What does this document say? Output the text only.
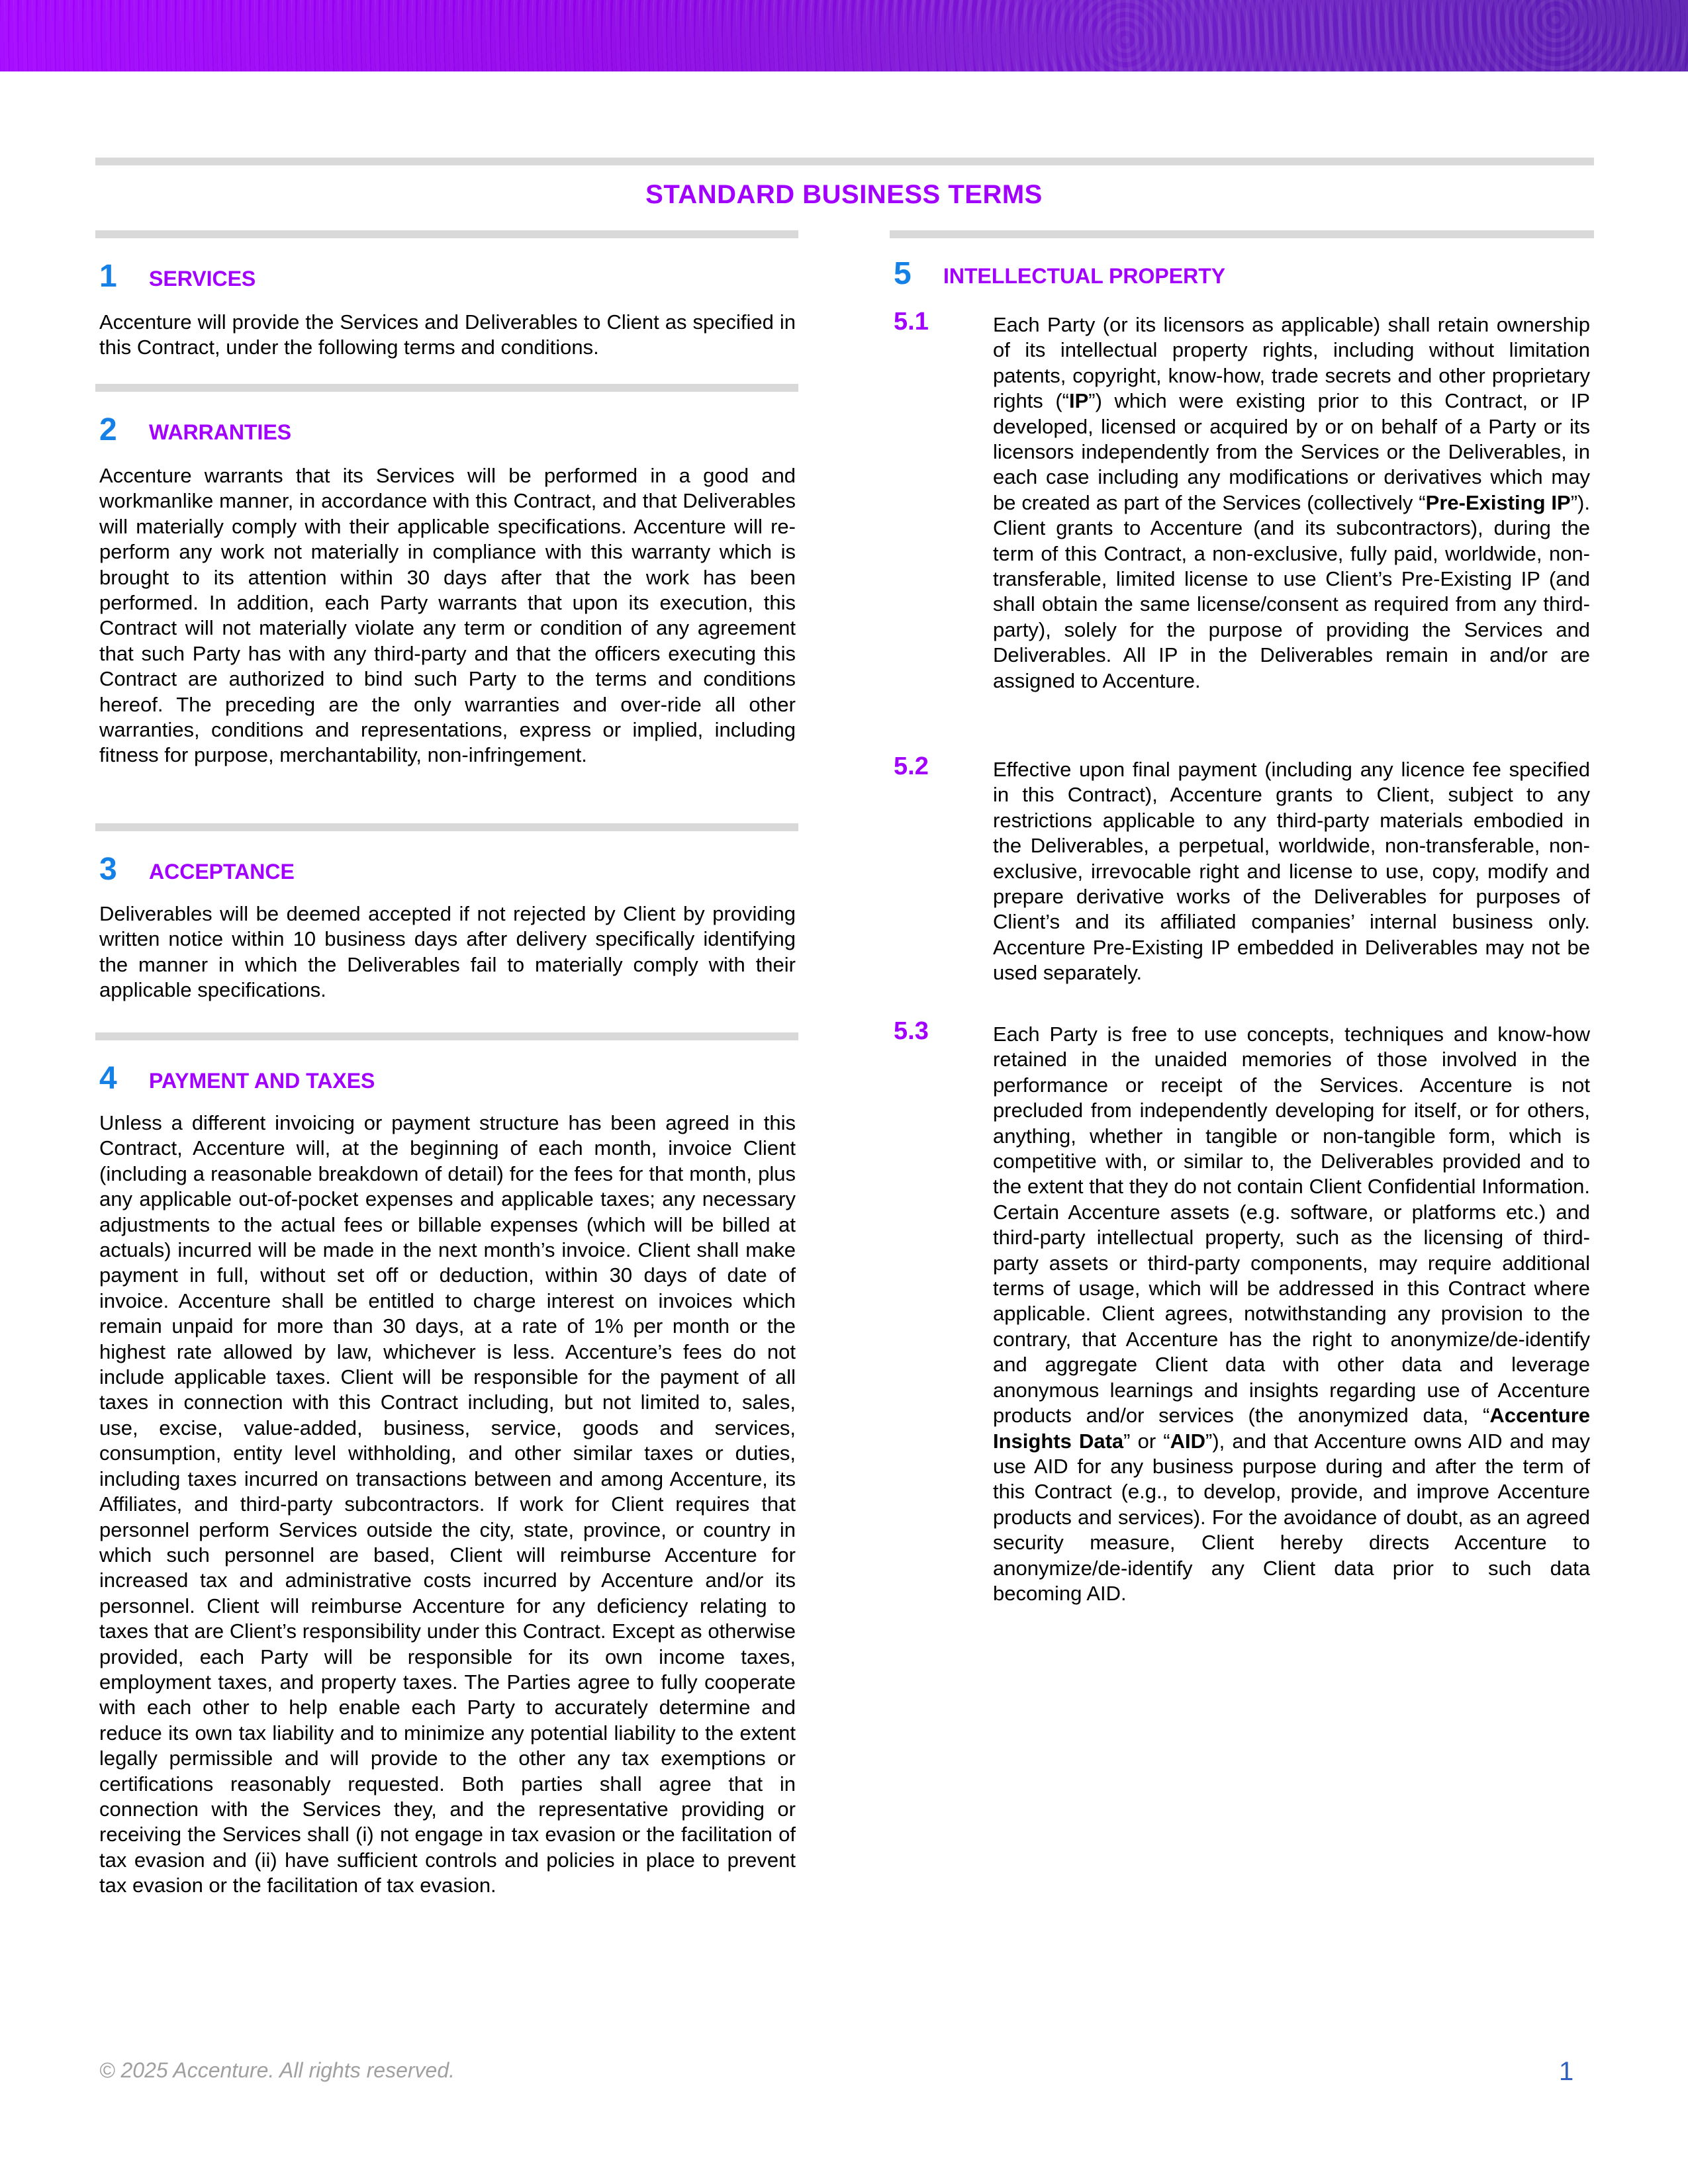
STANDARD BUSINESS TERMS
1 SERVICES

Accenture will provide the Services and Deliverables to Client as specified in this Contract, under the following terms and conditions.

2 WARRANTIES

Accenture warrants that its Services will be performed in a good and workmanlike manner, in accordance with this Contract, and that Deliverables will materially comply with their applicable specifications. Accenture will re-perform any work not materially in compliance with this warranty which is brought to its attention within 30 days after that the work has been performed. In addition, each Party warrants that upon its execution, this Contract will not materially violate any term or condition of any agreement that such Party has with any third-party and that the officers executing this Contract are authorized to bind such Party to the terms and conditions hereof. The preceding are the only warranties and over-ride all other warranties, conditions and representations, express or implied, including fitness for purpose, merchantability, non-infringement.

3 ACCEPTANCE

Deliverables will be deemed accepted if not rejected by Client by providing written notice within 10 business days after delivery specifically identifying the manner in which the Deliverables fail to materially comply with their applicable specifications.

4 PAYMENT AND TAXES

Unless a different invoicing or payment structure has been agreed in this Contract, Accenture will, at the beginning of each month, invoice Client (including a reasonable breakdown of detail) for the fees for that month, plus any applicable out-of-pocket expenses and applicable taxes; any necessary adjustments to the actual fees or billable expenses (which will be billed at actuals) incurred will be made in the next month’s invoice. Client shall make payment in full, without set off or deduction, within 30 days of date of invoice. Accenture shall be entitled to charge interest on invoices which remain unpaid for more than 30 days, at a rate of 1% per month or the highest rate allowed by law, whichever is less. Accenture’s fees do not include applicable taxes. Client will be responsible for the payment of all taxes in connection with this Contract including, but not limited to, sales, use, excise, value-added, business, service, goods and services, consumption, entity level withholding, and other similar taxes or duties, including taxes incurred on transactions between and among Accenture, its Affiliates, and third-party subcontractors. If work for Client requires that personnel perform Services outside the city, state, province, or country in which such personnel are based, Client will reimburse Accenture for increased tax and administrative costs incurred by Accenture and/or its personnel. Client will reimburse Accenture for any deficiency relating to taxes that are Client’s responsibility under this Contract. Except as otherwise provided, each Party will be responsible for its own income taxes, employment taxes, and property taxes. The Parties agree to fully cooperate with each other to help enable each Party to accurately determine and reduce its own tax liability and to minimize any potential liability to the extent legally permissible and will provide to the other any tax exemptions or certifications reasonably requested. Both parties shall agree that in connection with the Services they, and the representative providing or receiving the Services shall (i) not engage in tax evasion or the facilitation of tax evasion and (ii) have sufficient controls and policies in place to prevent tax evasion or the facilitation of tax evasion.

5 INTELLECTUAL PROPERTY
5.1	Each Party (or its licensors as applicable) shall retain ownership of its intellectual property rights, including without limitation patents, copyright, know-how, trade secrets and other proprietary rights (“IP”) which were existing prior to this Contract, or IP developed, licensed or acquired by or on behalf of a Party or its licensors independently from the Services or the Deliverables, in each case including any modifications or derivatives which may be created as part of the Services (collectively “Pre-Existing IP”). Client grants to Accenture (and its subcontractors), during the term of this Contract, a non-exclusive, fully paid, worldwide, non-transferable, limited license to use Client’s Pre-Existing IP (and shall obtain the same license/consent as required from any third-party), solely for the purpose of providing the Services and Deliverables. All IP in the Deliverables remain in and/or are assigned to Accenture.

5.2	Effective upon final payment (including any licence fee specified in this Contract), Accenture grants to Client, subject to any restrictions applicable to any third-party materials embodied in the Deliverables, a perpetual, worldwide, non-transferable, non-exclusive, irrevocable right and license to use, copy, modify and prepare derivative works of the Deliverables for purposes of Client’s and its affiliated companies’ internal business only. Accenture Pre-Existing IP embedded in Deliverables may not be used separately.

5.3	Each Party is free to use concepts, techniques and know-how retained in the unaided memories of those involved in the performance or receipt of the Services. Accenture is not precluded from independently developing for itself, or for others, anything, whether in tangible or non-tangible form, which is competitive with, or similar to, the Deliverables provided and to the extent that they do not contain Client Confidential Information. Certain Accenture assets (e.g. software, or platforms etc.) and third-party intellectual property, such as the licensing of third-party assets or third-party components, may require additional terms of usage, which will be addressed in this Contract where applicable. Client agrees, notwithstanding any provision to the contrary, that Accenture has the right to anonymize/de-identify and aggregate Client data with other data and leverage anonymous learnings and insights regarding use of Accenture products and/or services (the anonymized data, “Accenture Insights Data” or “AID”), and that Accenture owns AID and may use AID for any business purpose during and after the term of this Contract (e.g., to develop, provide, and improve Accenture products and services). For the avoidance of doubt, as an agreed security measure, Client hereby directs Accenture to anonymize/de-identify any Client data prior to such data becoming AID.

© 2025 Accenture. All rights reserved.	1
